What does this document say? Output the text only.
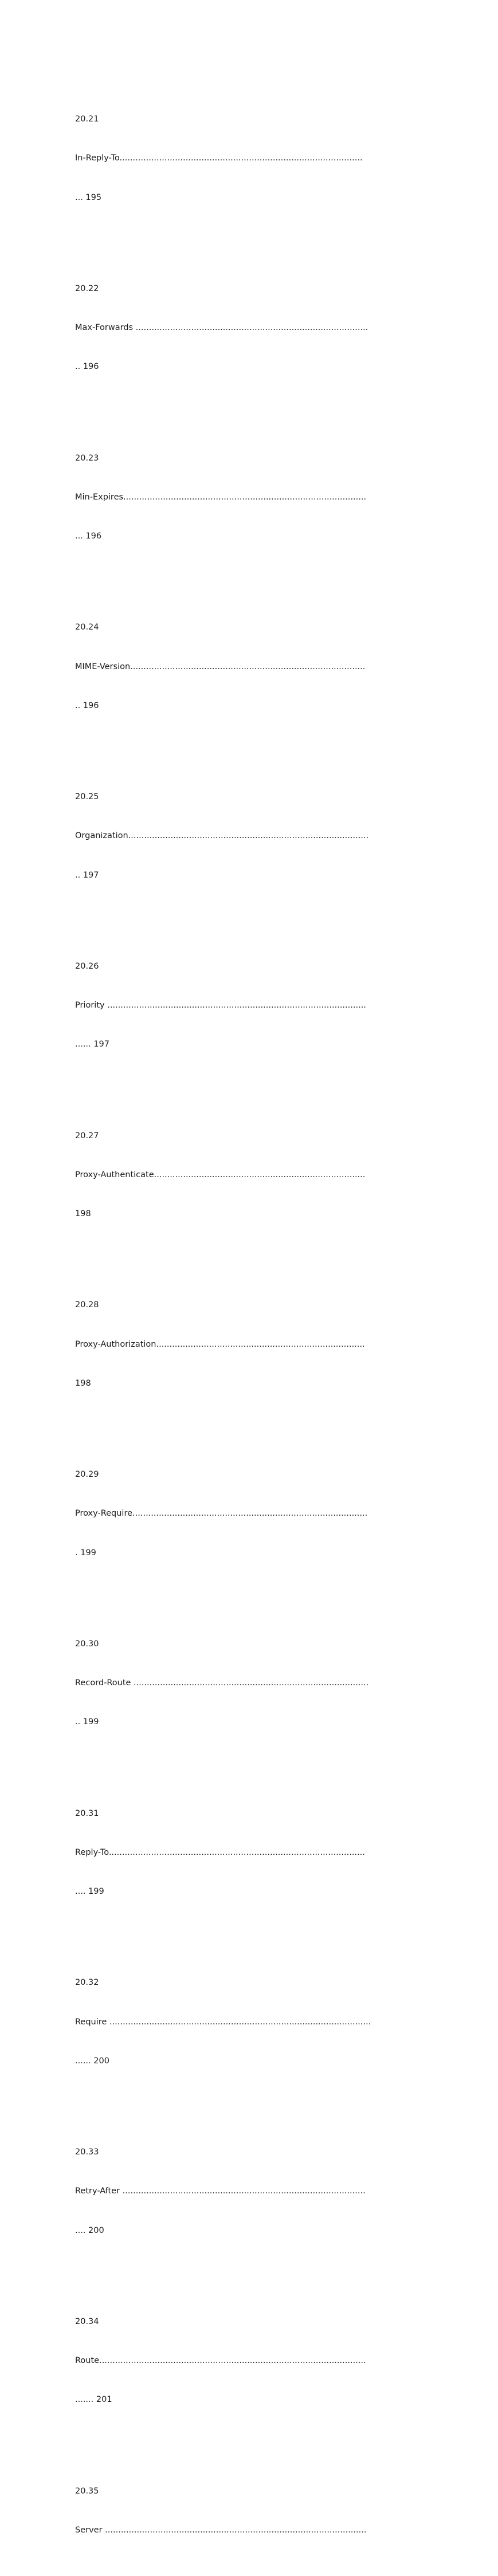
20.21

In-Reply-To............................................................................................

... 195

20.22

Max-Forwards ........................................................................................

.. 196

20.23

Min-Expires............................................................................................

... 196

20.24

MIME-Version.........................................................................................

.. 196

20.25

Organization...........................................................................................

.. 197

20.26

Priority ..................................................................................................

...... 197

20.27

Proxy-Authenticate................................................................................

198

20.28

Proxy-Authorization...............................................................................

198

20.29

Proxy-Require.........................................................................................

. 199

20.30

Record-Route .........................................................................................

.. 199

20.31

Reply-To.................................................................................................

.... 199

20.32

Require ...................................................................................................

...... 200

20.33

Retry-After ............................................................................................

.... 200

20.34

Route.....................................................................................................

....... 201

20.35

Server ...................................................................................................
